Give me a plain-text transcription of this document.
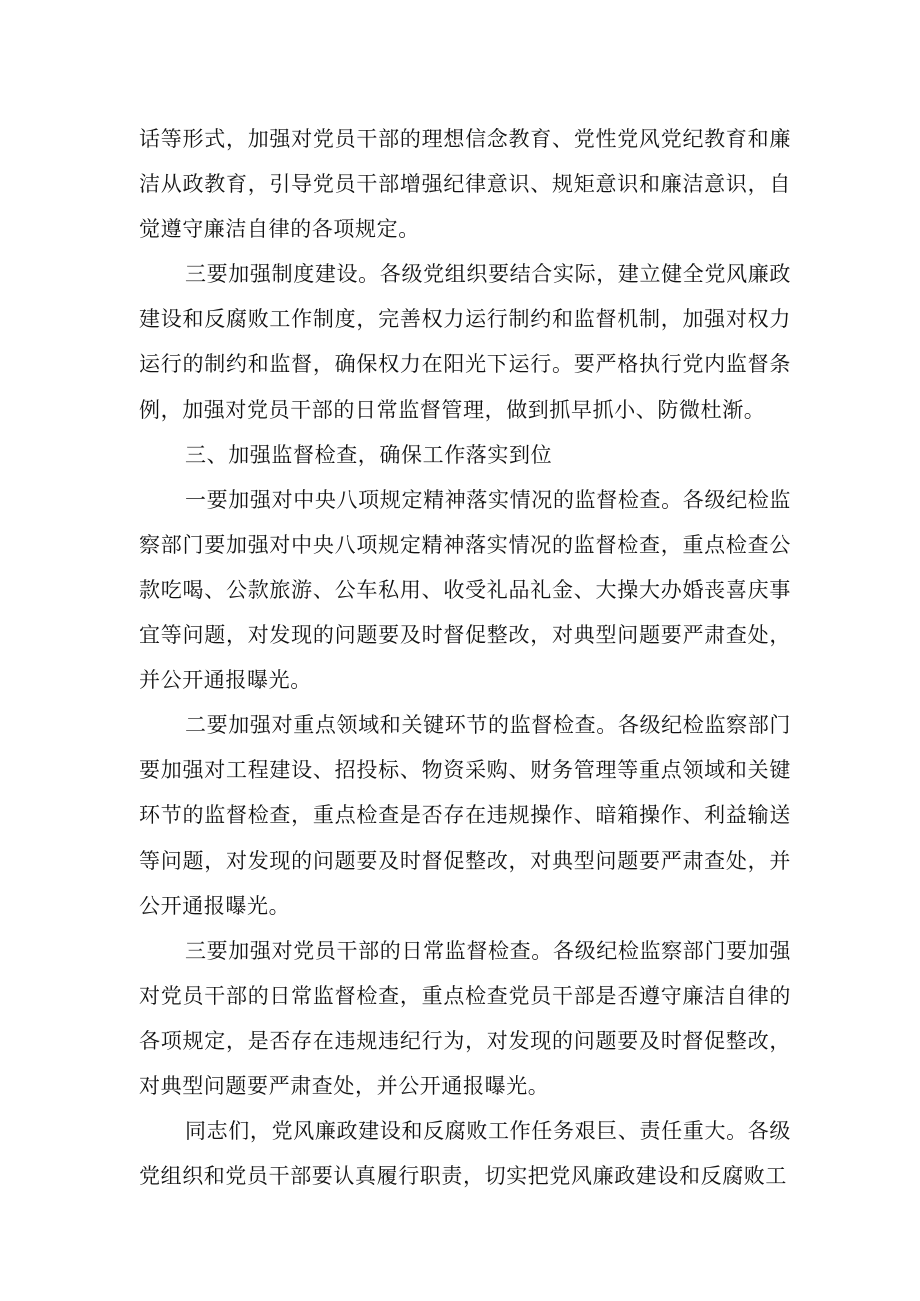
话等形式，加强对党员干部的理想信念教育、党性党风党纪教育和廉洁从政教育，引导党员干部增强纪律意识、规矩意识和廉洁意识，自觉遵守廉洁自律的各项规定。

三要加强制度建设。各级党组织要结合实际，建立健全党风廉政建设和反腐败工作制度，完善权力运行制约和监督机制，加强对权力运行的制约和监督，确保权力在阳光下运行。要严格执行党内监督条例，加强对党员干部的日常监督管理，做到抓早抓小、防微杜渐。

三、加强监督检查，确保工作落实到位

一要加强对中央八项规定精神落实情况的监督检查。各级纪检监察部门要加强对中央八项规定精神落实情况的监督检查，重点检查公款吃喝、公款旅游、公车私用、收受礼品礼金、大操大办婚丧喜庆事宜等问题，对发现的问题要及时督促整改，对典型问题要严肃查处，并公开通报曝光。

二要加强对重点领域和关键环节的监督检查。各级纪检监察部门要加强对工程建设、招投标、物资采购、财务管理等重点领域和关键环节的监督检查，重点检查是否存在违规操作、暗箱操作、利益输送等问题，对发现的问题要及时督促整改，对典型问题要严肃查处，并公开通报曝光。

三要加强对党员干部的日常监督检查。各级纪检监察部门要加强对党员干部的日常监督检查，重点检查党员干部是否遵守廉洁自律的各项规定，是否存在违规违纪行为，对发现的问题要及时督促整改，对典型问题要严肃查处，并公开通报曝光。

同志们，党风廉政建设和反腐败工作任务艰巨、责任重大。各级党组织和党员干部要认真履行职责，切实把党风廉政建设和反腐败工
